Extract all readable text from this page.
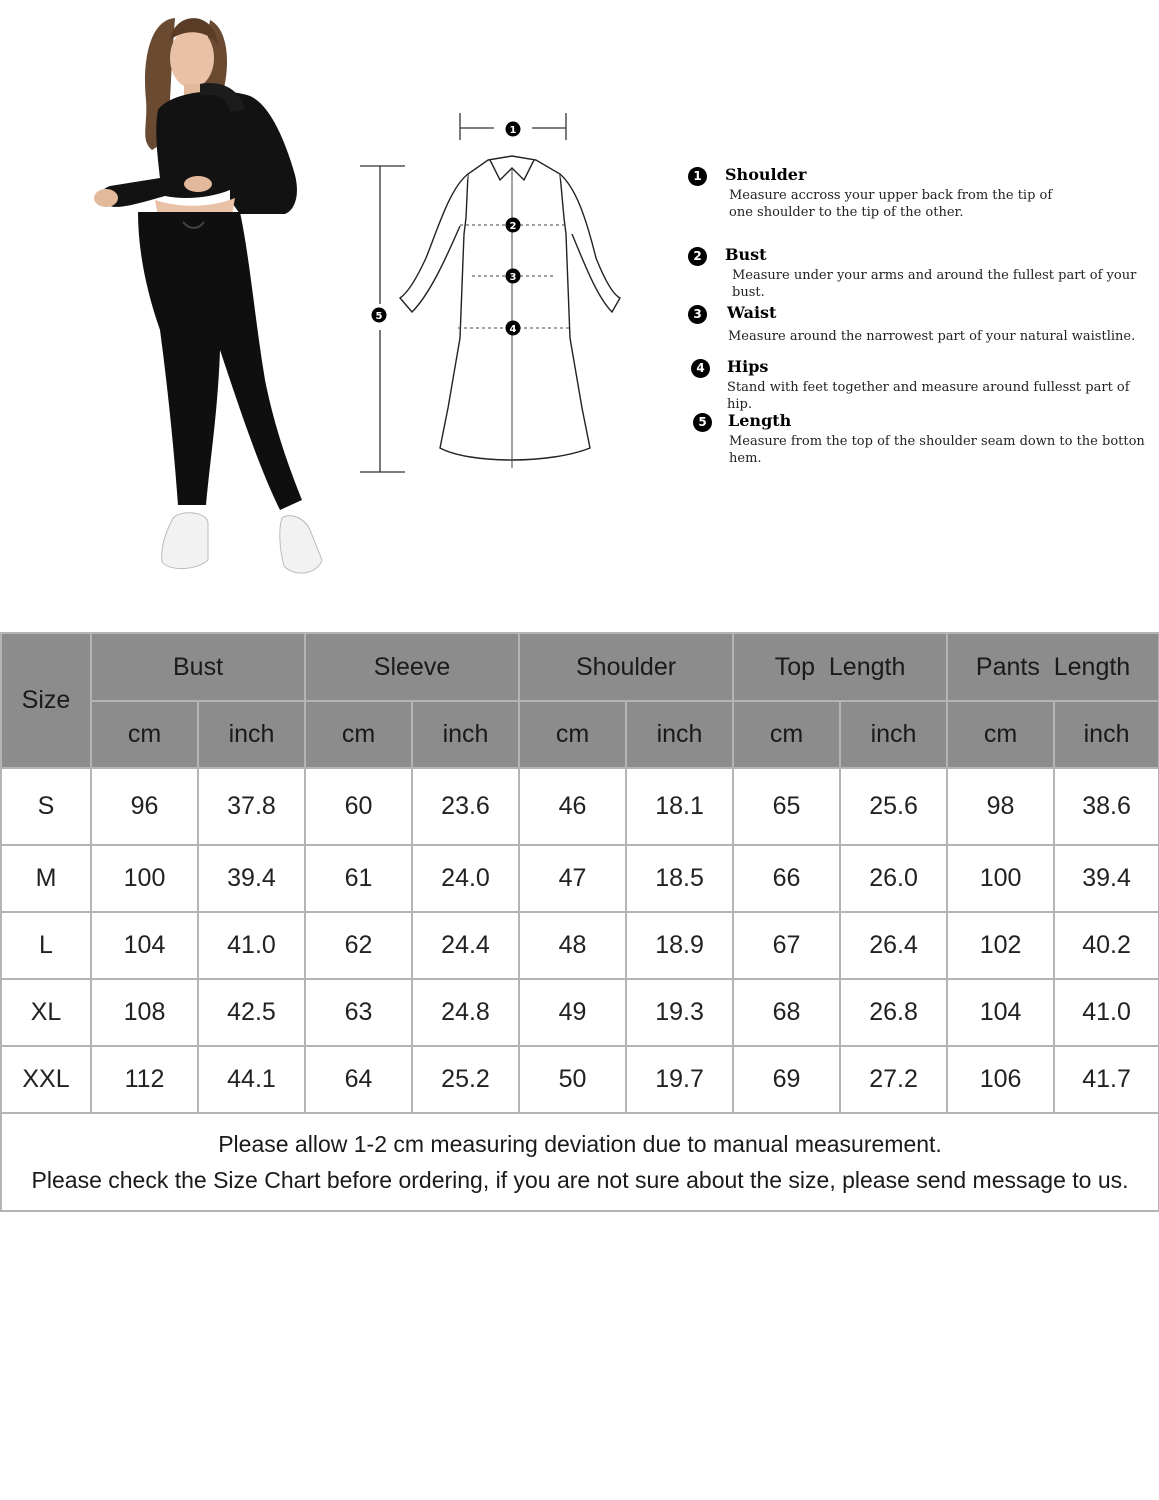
1
2
3
4
5
1	Shoulder
Measure accross your upper back from the tip of
one shoulder to the tip of the other.
2	Bust
Measure under your arms and around the fullest part of your bust.
3	Waist
Measure around the narrowest part of your natural waistline.
4	Hips
Stand with feet together and measure around fullesst part of hip.
5	Length
Measure from the top of the shoulder seam down to the botton hem.
Size	Bust		Sleeve		Shoulder		Top  Length		Pants  Length	
	cm	inch	cm	inch	cm	inch	cm	inch	cm	inch
S	96	37.8	60	23.6	46	18.1	65	25.6	98	38.6
M	100	39.4	61	24.0	47	18.5	66	26.0	100	39.4
L	104	41.0	62	24.4	48	18.9	67	26.4	102	40.2
XL	108	42.5	63	24.8	49	19.3	68	26.8	104	41.0
XXL	112	44.1	64	25.2	50	19.7	69	27.2	106	41.7

Please allow 1-2 cm measuring deviation due to manual measurement.
Please check the Size Chart before ordering, if you are not sure about the size, please send message to us.										
